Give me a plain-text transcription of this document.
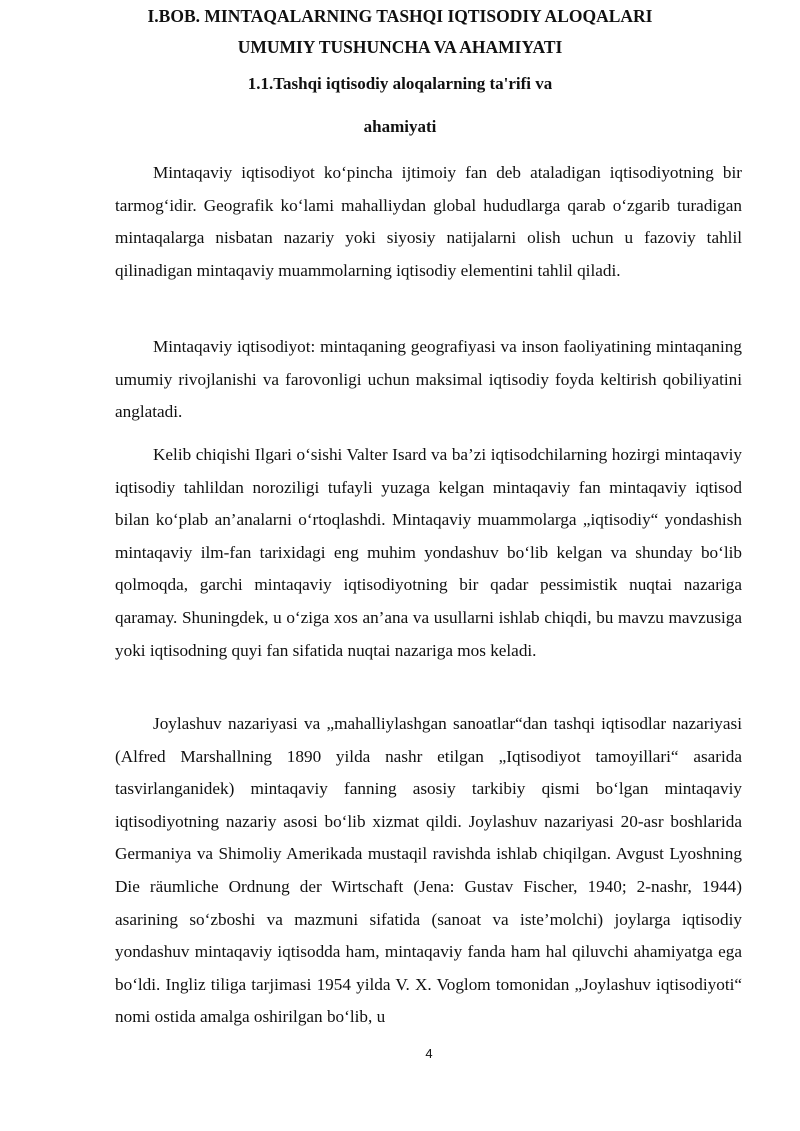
I.BOB. MINTAQALARNING TASHQI IQTISODIY ALOQALARI
UMUMIY TUSHUNCHA VA AHAMIYATI
1.1.Tashqi iqtisodiy aloqalarning ta'rifi va
ahamiyati

Mintaqaviy iqtisodiyot ko‘pincha ijtimoiy fan deb ataladigan iqtisodiyotning bir tarmog‘idir. Geografik ko‘lami mahalliydan global hududlarga qarab o‘zgarib turadigan mintaqalarga nisbatan nazariy yoki siyosiy natijalarni olish uchun u fazoviy tahlil qilinadigan mintaqaviy muammolarning iqtisodiy elementini tahlil qiladi.

Mintaqaviy iqtisodiyot: mintaqaning geografiyasi va inson faoliyatining mintaqaning umumiy rivojlanishi va farovonligi uchun maksimal iqtisodiy foyda keltirish qobiliyatini anglatadi.

Kelib chiqishi Ilgari o‘sishi Valter Isard va ba’zi iqtisodchilarning hozirgi mintaqaviy iqtisodiy tahlildan noroziligi tufayli yuzaga kelgan mintaqaviy fan mintaqaviy iqtisod bilan ko‘plab an’analarni o‘rtoqlashdi. Mintaqaviy muammolarga „iqtisodiy“ yondashish mintaqaviy ilm-fan tarixidagi eng muhim yondashuv bo‘lib kelgan va shunday bo‘lib qolmoqda, garchi mintaqaviy iqtisodiyotning bir qadar pessimistik nuqtai nazariga qaramay. Shuningdek, u o‘ziga xos an’ana va usullarni ishlab chiqdi, bu mavzu mavzusiga yoki iqtisodning quyi fan sifatida nuqtai nazariga mos keladi.

Joylashuv nazariyasi va „mahalliylashgan sanoatlar“dan tashqi iqtisodlar nazariyasi (Alfred Marshallning 1890 yilda nashr etilgan „Iqtisodiyot tamoyillari“ asarida tasvirlanganidek) mintaqaviy fanning asosiy tarkibiy qismi bo‘lgan mintaqaviy iqtisodiyotning nazariy asosi bo‘lib xizmat qildi. Joylashuv nazariyasi 20-asr boshlarida Germaniya va Shimoliy Amerikada mustaqil ravishda ishlab chiqilgan. Avgust Lyoshning Die räumliche Ordnung der Wirtschaft (Jena: Gustav Fischer, 1940; 2-nashr, 1944) asarining so‘zboshi va mazmuni sifatida (sanoat va iste’molchi) joylarga iqtisodiy yondashuv mintaqaviy iqtisodda ham, mintaqaviy fanda ham hal qiluvchi ahamiyatga ega bo‘ldi. Ingliz tiliga tarjimasi 1954 yilda V. X. Voglom tomonidan „Joylashuv iqtisodiyoti“ nomi ostida amalga oshirilgan bo‘lib, u

4
